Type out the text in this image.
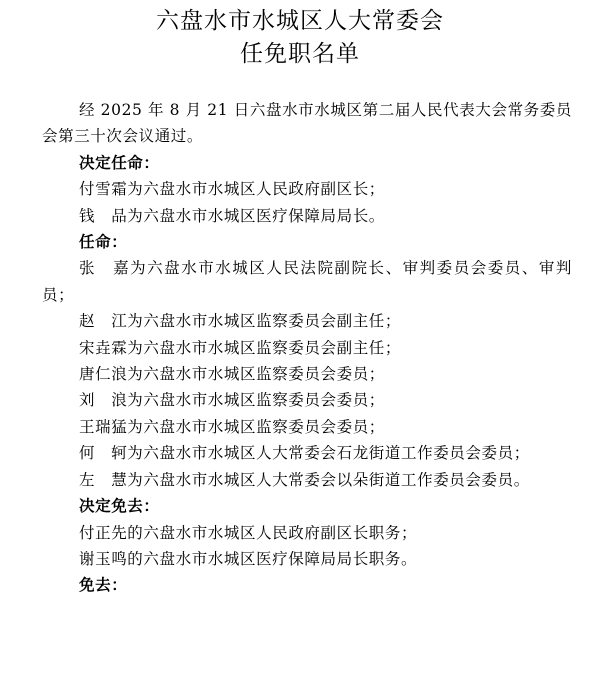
六盘水市水城区人大常委会
任免职名单

经 2025 年 8 月 21 日六盘水市水城区第二届人民代表大会常务委员会第三十次会议通过。

决定任命：

付雪霜为六盘水市水城区人民政府副区长；

钱　品为六盘水市水城区医疗保障局局长。

任命：

张　嘉为六盘水市水城区人民法院副院长、审判委员会委员、审判员；

赵　江为六盘水市水城区监察委员会副主任；

宋垚霖为六盘水市水城区监察委员会副主任；

唐仁浪为六盘水市水城区监察委员会委员；

刘　浪为六盘水市水城区监察委员会委员；

王瑞猛为六盘水市水城区监察委员会委员；

何　轲为六盘水市水城区人大常委会石龙街道工作委员会委员；

左　慧为六盘水市水城区人大常委会以朵街道工作委员会委员。

决定免去：

付正先的六盘水市水城区人民政府副区长职务；

谢玉鸣的六盘水市水城区医疗保障局局长职务。

免去：
